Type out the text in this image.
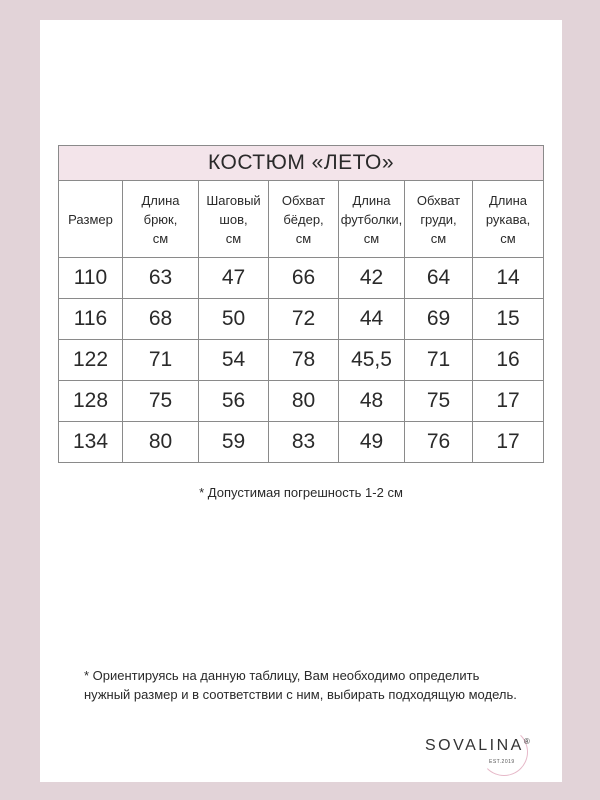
КОСТЮМ «ЛЕТО»						
Размер	Длина
брюк,
см	Шаговый
шов,
см	Обхват
бёдер,
см	Длина
футболки,
см	Обхват
груди,
см	Длина
рукава,
см
110	63	47	66	42	64	14
116	68	50	72	44	69	15
122	71	54	78	45,5	71	16
128	75	56	80	48	75	17
134	80	59	83	49	76	17
* Допустимая погрешность 1-2 см
* Ориентируясь на данную таблицу, Вам необходимо определить нужный размер и в соответствии с ним, выбирать подходящую модель.
SOVALINA®
EST.2019
